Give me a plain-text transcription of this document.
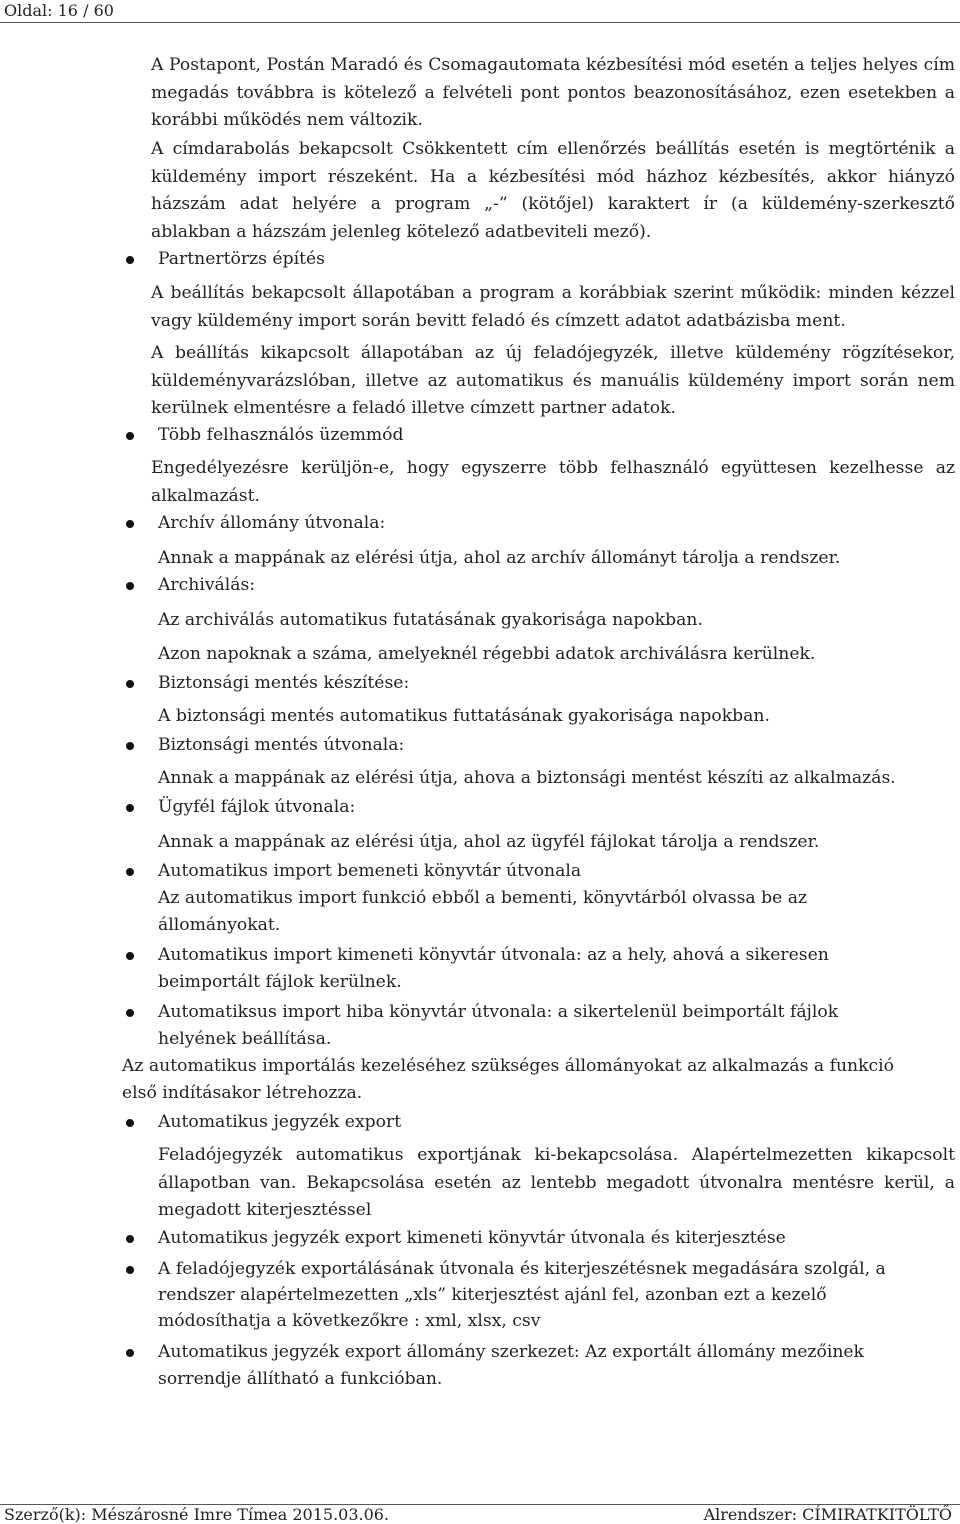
Oldal: 16 / 60

A Postapont, Postán Maradó és Csomagautomata kézbesítési mód esetén a teljes helyes cím megadás továbbra is kötelező a felvételi pont pontos beazonosításához, ezen esetekben a korábbi működés nem változik.

A címdarabolás bekapcsolt Csökkentett cím ellenőrzés beállítás esetén is megtörténik a küldemény import részeként. Ha a kézbesítési mód házhoz kézbesítés, akkor hiányzó házszám adat helyére a program „-” (kötőjel) karaktert ír (a küldemény-szerkesztő ablakban a házszám jelenleg kötelező adatbeviteli mező).

Partnertörzs építés

A beállítás bekapcsolt állapotában a program a korábbiak szerint működik: minden kézzel vagy küldemény import során bevitt feladó és címzett adatot adatbázisba ment.

A beállítás kikapcsolt állapotában az új feladójegyzék, illetve küldemény rögzítésekor, küldeményvarázslóban, illetve az automatikus és manuális küldemény import során nem kerülnek elmentésre a feladó illetve címzett partner adatok.

Több felhasználós üzemmód

Engedélyezésre kerüljön-e, hogy egyszerre több felhasználó együttesen kezelhesse az alkalmazást.

Archív állomány útvonala:

Annak a mappának az elérési útja, ahol az archív állományt tárolja a rendszer.

Archiválás:

Az archiválás automatikus futatásának gyakorisága napokban.

Azon napoknak a száma, amelyeknél régebbi adatok archiválásra kerülnek.

Biztonsági mentés készítése:

A biztonsági mentés automatikus futtatásának gyakorisága napokban.

Biztonsági mentés útvonala:

Annak a mappának az elérési útja, ahova a biztonsági mentést készíti az alkalmazás.

Ügyfél fájlok útvonala:

Annak a mappának az elérési útja, ahol az ügyfél fájlokat tárolja a rendszer.

Automatikus import bemeneti könyvtár útvonala

Az automatikus import funkció ebből a bementi, könyvtárból olvassa be az

állományokat.

Automatikus import kimeneti könyvtár útvonala: az a hely, ahová a sikeresen

beimportált fájlok kerülnek.

Automatiksus import hiba könyvtár útvonala: a sikertelenül beimportált fájlok

helyének beállítása.

Az automatikus importálás kezeléséhez szükséges állományokat az alkalmazás a funkció

első indításakor létrehozza.

Automatikus jegyzék export

Feladójegyzék automatikus exportjának ki-bekapcsolása. Alapértelmezetten kikapcsolt állapotban van. Bekapcsolása esetén az lentebb megadott útvonalra mentésre kerül, a megadott kiterjesztéssel

Automatikus jegyzék export kimeneti könyvtár útvonala és kiterjesztése

A feladójegyzék exportálásának útvonala és kiterjeszétésnek megadására szolgál, a

rendszer alapértelmezetten „xls” kiterjesztést ajánl fel, azonban ezt a kezelő

módosíthatja a következőkre : xml, xlsx, csv

Automatikus jegyzék export állomány szerkezet: Az exportált állomány mezőinek

sorrendje állítható a funkcióban.

Szerző(k): Mészárosné Imre Tímea 2015.03.06.	Alrendszer: CÍMIRATKITÖLTŐ
